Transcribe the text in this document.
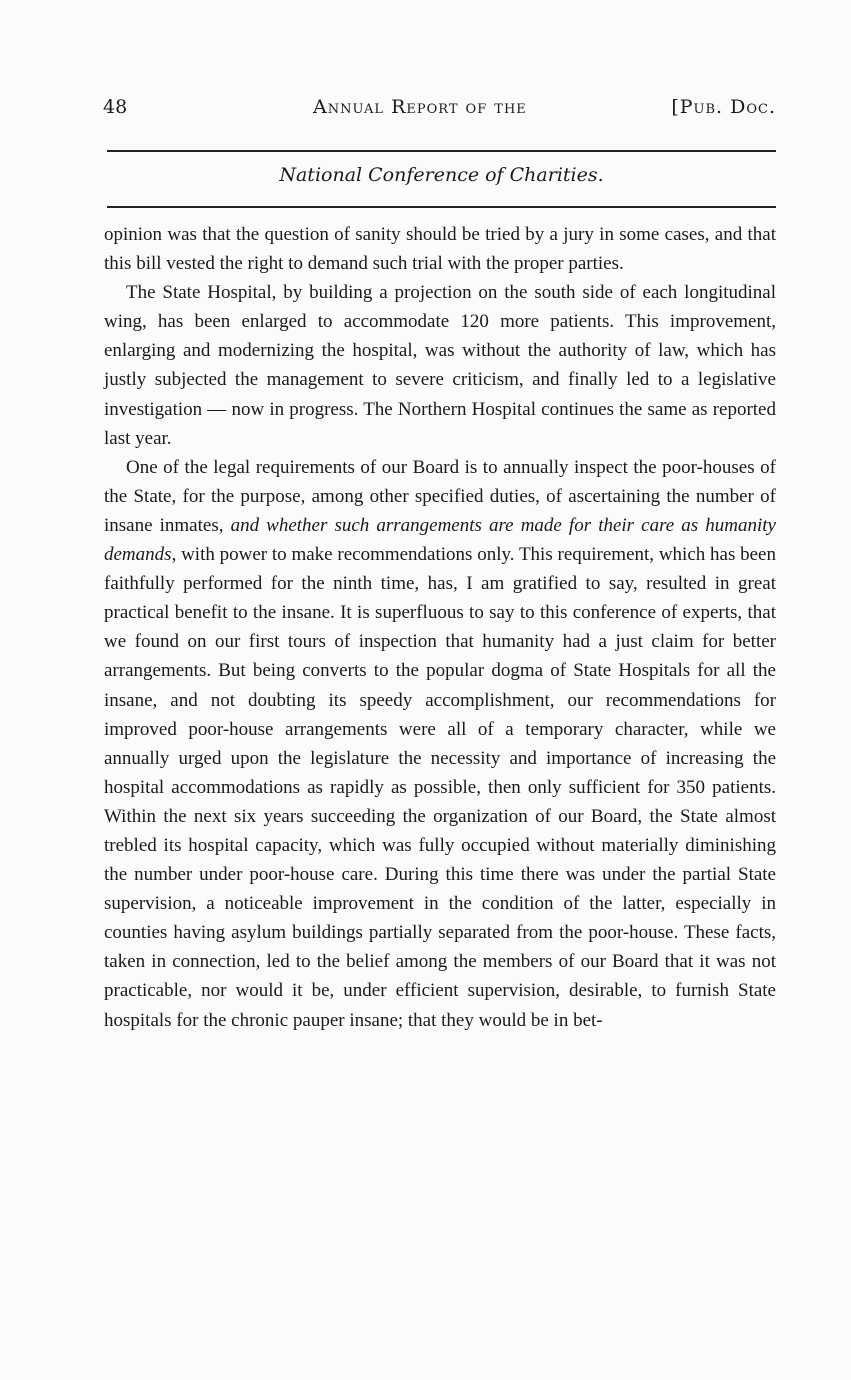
48	Annual Report of the	[Pub. Doc.
National Conference of Charities.

opinion was that the question of sanity should be tried by a jury in some cases, and that this bill vested the right to demand such trial with the proper parties.

The State Hospital, by building a projection on the south side of each longitudinal wing, has been enlarged to accommodate 120 more patients. This improvement, enlarging and modernizing the hospital, was without the authority of law, which has justly subjected the management to severe criticism, and finally led to a legislative investigation — now in progress. The Northern Hospital continues the same as reported last year.

One of the legal requirements of our Board is to annually inspect the poor-houses of the State, for the purpose, among other specified duties, of ascertaining the number of insane inmates, and whether such arrangements are made for their care as humanity demands, with power to make recommendations only. This requirement, which has been faithfully performed for the ninth time, has, I am gratified to say, resulted in great practical benefit to the insane. It is superfluous to say to this conference of experts, that we found on our first tours of inspection that humanity had a just claim for better arrangements. But being converts to the popular dogma of State Hospitals for all the insane, and not doubting its speedy accomplishment, our recommendations for improved poor-house arrangements were all of a temporary character, while we annually urged upon the legislature the necessity and importance of increasing the hospital accommodations as rapidly as possible, then only sufficient for 350 patients. Within the next six years succeeding the organization of our Board, the State almost trebled its hospital capacity, which was fully occupied without materially diminishing the number under poor-house care. During this time there was under the partial State supervision, a noticeable improvement in the condition of the latter, especially in counties having asylum buildings partially separated from the poor-house. These facts, taken in connection, led to the belief among the members of our Board that it was not practicable, nor would it be, under efficient supervision, desirable, to furnish State hospitals for the chronic pauper insane; that they would be in bet-
